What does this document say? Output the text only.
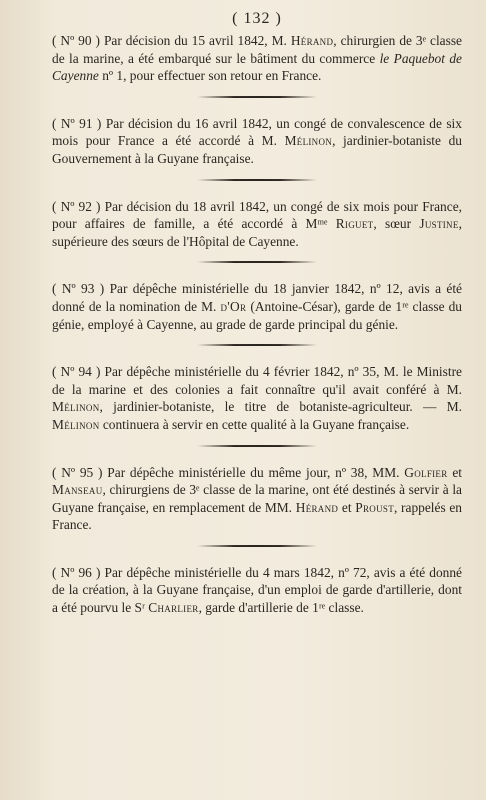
( 132 )

( Nº 90 ) Par décision du 15 avril 1842, M. Hérand, chirurgien de 3ᵉ classe de la marine, a été embarqué sur le bâtiment du commerce le Paquebot de Cayenne nº 1, pour effectuer son retour en France.

( Nº 91 ) Par décision du 16 avril 1842, un congé de convalescence de six mois pour France a été accordé à M. Mélinon, jardinier-botaniste du Gouvernement à la Guyane française.

( Nº 92 ) Par décision du 18 avril 1842, un congé de six mois pour France, pour affaires de famille, a été accordé à Mᵐᵉ Riguet, sœur Justine, supérieure des sœurs de l'Hôpital de Cayenne.

( Nº 93 ) Par dépêche ministérielle du 18 janvier 1842, nº 12, avis a été donné de la nomination de M. d'Or (Antoine-César), garde de 1ʳᵉ classe du génie, employé à Cayenne, au grade de garde principal du génie.

( Nº 94 ) Par dépêche ministérielle du 4 février 1842, nº 35, M. le Ministre de la marine et des colonies a fait connaître qu'il avait conféré à M. Mélinon, jardinier-botaniste, le titre de botaniste-agriculteur. — M. Mélinon continuera à servir en cette qualité à la Guyane française.

( Nº 95 ) Par dépêche ministérielle du même jour, nº 38, MM. Golfier et Manseau, chirurgiens de 3ᵉ classe de la marine, ont été destinés à servir à la Guyane française, en remplacement de MM. Hérand et Proust, rappelés en France.

( Nº 96 ) Par dépêche ministérielle du 4 mars 1842, nº 72, avis a été donné de la création, à la Guyane française, d'un emploi de garde d'artillerie, dont a été pourvu le Sʳ Charlier, garde d'artillerie de 1ʳᵉ classe.
